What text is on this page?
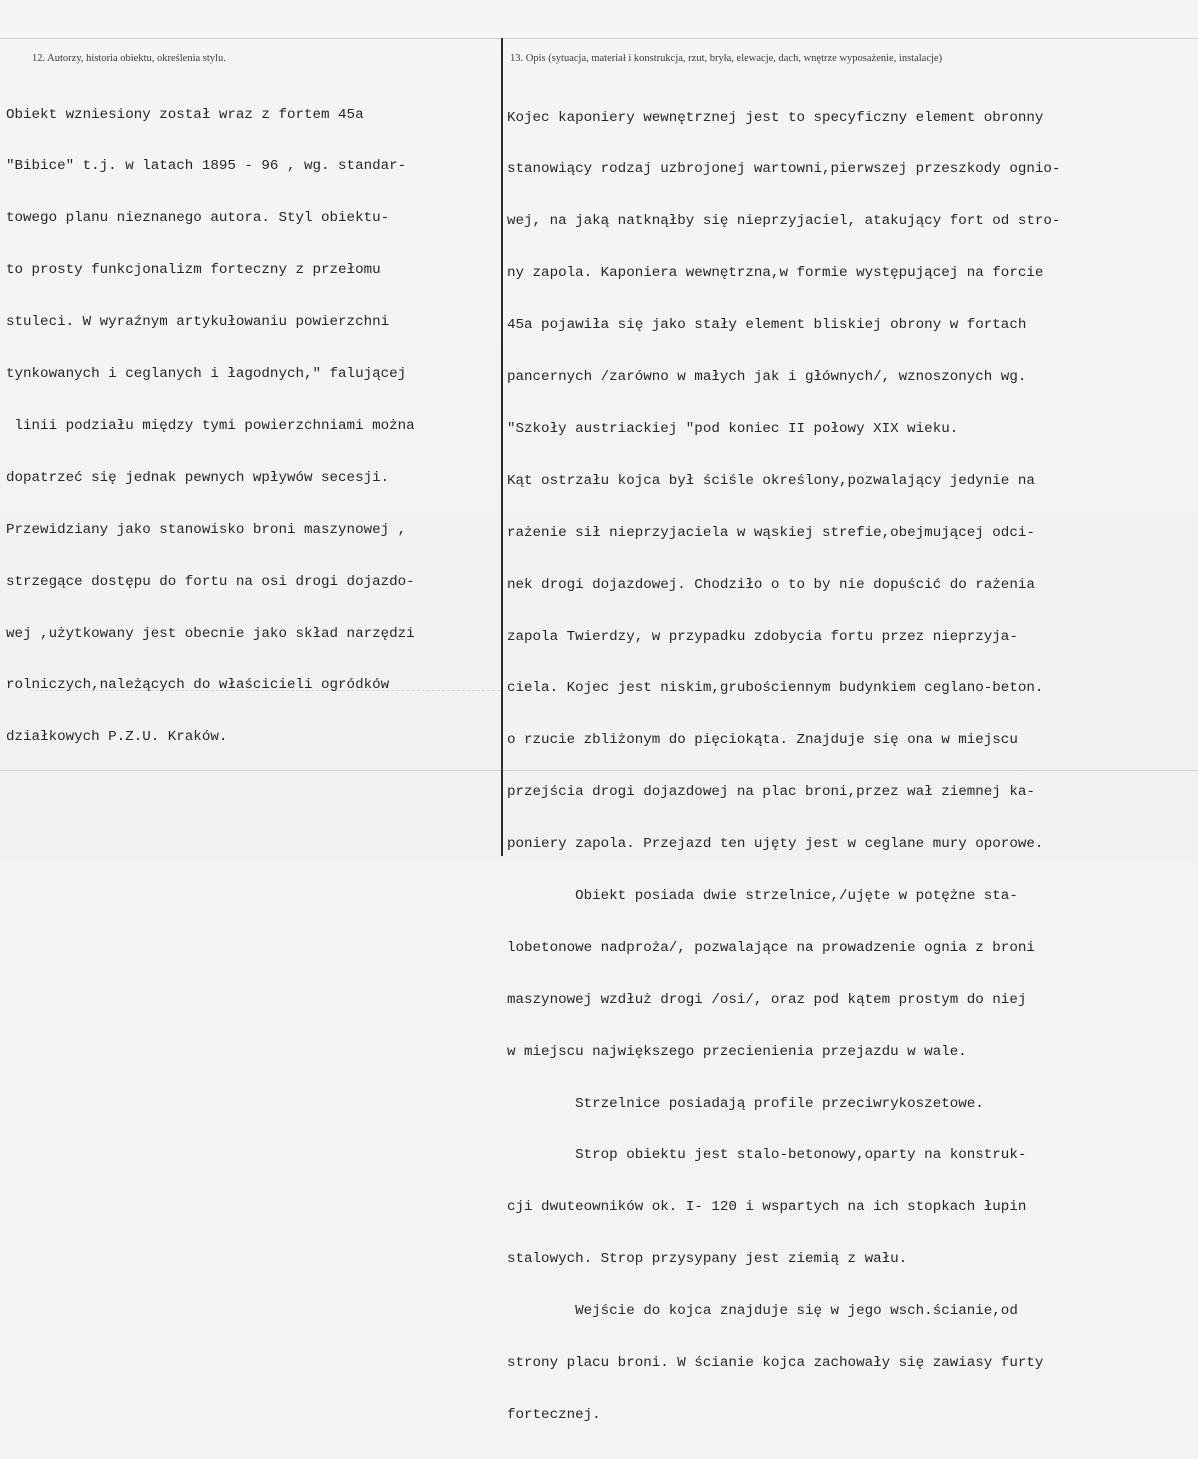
12. Autorzy, historia obiektu, określenia stylu.	13. Opis (sytuacja, materiał i konstrukcja, rzut, bryła, elewacje, dach, wnętrze wyposażenie, instalacje)

Obiekt wzniesiony został wraz z fortem 45a

"Bibice" t.j. w latach 1895 - 96 , wg. standar-

towego planu nieznanego autora. Styl obiektu-

to prosty funkcjonalizm forteczny z przełomu

stuleci. W wyraźnym artykułowaniu powierzchni

tynkowanych i ceglanych i łagodnych," falującej

linii podziału między tymi powierzchniami można

dopatrzeć się jednak pewnych wpływów secesji.

Przewidziany jako stanowisko broni maszynowej ,

strzegące dostępu do fortu na osi drogi dojazdo-

wej ,użytkowany jest obecnie jako skład narzędzi

rolniczych,należących do właścicieli ogródków

działkowych P.Z.U. Kraków.

Kojec kaponiery wewnętrznej jest to specyficzny element obronny

stanowiący rodzaj uzbrojonej wartowni,pierwszej przeszkody ognio-

wej, na jaką natknąłby się nieprzyjaciel, atakujący fort od stro-

ny zapola. Kaponiera wewnętrzna,w formie występującej na forcie

45a pojawiła się jako stały element bliskiej obrony w fortach

pancernych /zarówno w małych jak i głównych/, wznoszonych wg.

"Szkoły austriackiej "pod koniec II połowy XIX wieku.

Kąt ostrzału kojca był ściśle określony,pozwalający jedynie na

rażenie sił nieprzyjaciela w wąskiej strefie,obejmującej odci-

nek drogi dojazdowej. Chodziło o to by nie dopuścić do rażenia

zapola Twierdzy, w przypadku zdobycia fortu przez nieprzyja-

ciela. Kojec jest niskim,grubościennym budynkiem ceglano-beton.

o rzucie zbliżonym do pięciokąta. Znajduje się ona w miejscu

przejścia drogi dojazdowej na plac broni,przez wał ziemnej ka-

poniery zapola. Przejazd ten ujęty jest w ceglane mury oporowe.

Obiekt posiada dwie strzelnice,/ujęte w potężne sta-

lobetonowe nadproża/, pozwalające na prowadzenie ognia z broni

maszynowej wzdłuż drogi /osi/, oraz pod kątem prostym do niej

w miejscu największego przecienienia przejazdu w wale.

Strzelnice posiadają profile przeciwrykoszetowe.

Strop obiektu jest stalo-betonowy,oparty na konstruk-

cji dwuteowników ok. I- 120 i wspartych na ich stopkach łupin

stalowych. Strop przysypany jest ziemią z wału.

Wejście do kojca znajduje się w jego wsch.ścianie,od

strony placu broni. W ścianie kojca zachowały się zawiasy furty

fortecznej.
